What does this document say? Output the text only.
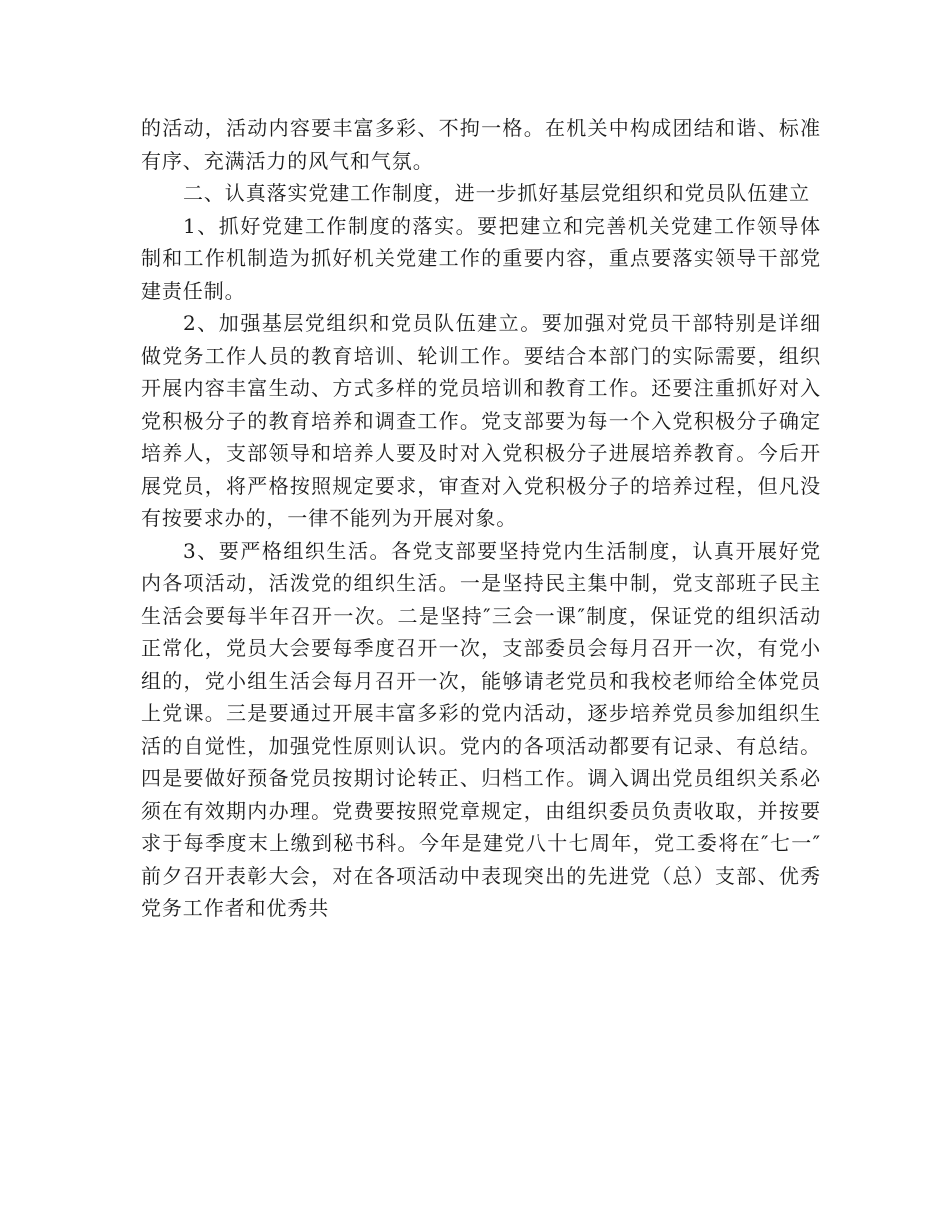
的活动，活动内容要丰富多彩、不拘一格。在机关中构成团结和谐、标准有序、充满活力的风气和气氛。

二、认真落实党建工作制度，进一步抓好基层党组织和党员队伍建立

1、抓好党建工作制度的落实。要把建立和完善机关党建工作领导体制和工作机制造为抓好机关党建工作的重要内容，重点要落实领导干部党建责任制。

2、加强基层党组织和党员队伍建立。要加强对党员干部特别是详细做党务工作人员的教育培训、轮训工作。要结合本部门的实际需要，组织开展内容丰富生动、方式多样的党员培训和教育工作。还要注重抓好对入党积极分子的教育培养和调查工作。党支部要为每一个入党积极分子确定培养人，支部领导和培养人要及时对入党积极分子进展培养教育。今后开展党员，将严格按照规定要求，审查对入党积极分子的培养过程，但凡没有按要求办的，一律不能列为开展对象。

3、要严格组织生活。各党支部要坚持党内生活制度，认真开展好党内各项活动，活泼党的组织生活。一是坚持民主集中制，党支部班子民主生活会要每半年召开一次。二是坚持″三会一课″制度，保证党的组织活动正常化，党员大会要每季度召开一次，支部委员会每月召开一次，有党小组的，党小组生活会每月召开一次，能够请老党员和我校老师给全体党员上党课。三是要通过开展丰富多彩的党内活动，逐步培养党员参加组织生活的自觉性，加强党性原则认识。党内的各项活动都要有记录、有总结。四是要做好预备党员按期讨论转正、归档工作。调入调出党员组织关系必须在有效期内办理。党费要按照党章规定，由组织委员负责收取，并按要求于每季度末上缴到秘书科。今年是建党八十七周年，党工委将在″七一″前夕召开表彰大会，对在各项活动中表现突出的先进党（总）支部、优秀党务工作者和优秀共
